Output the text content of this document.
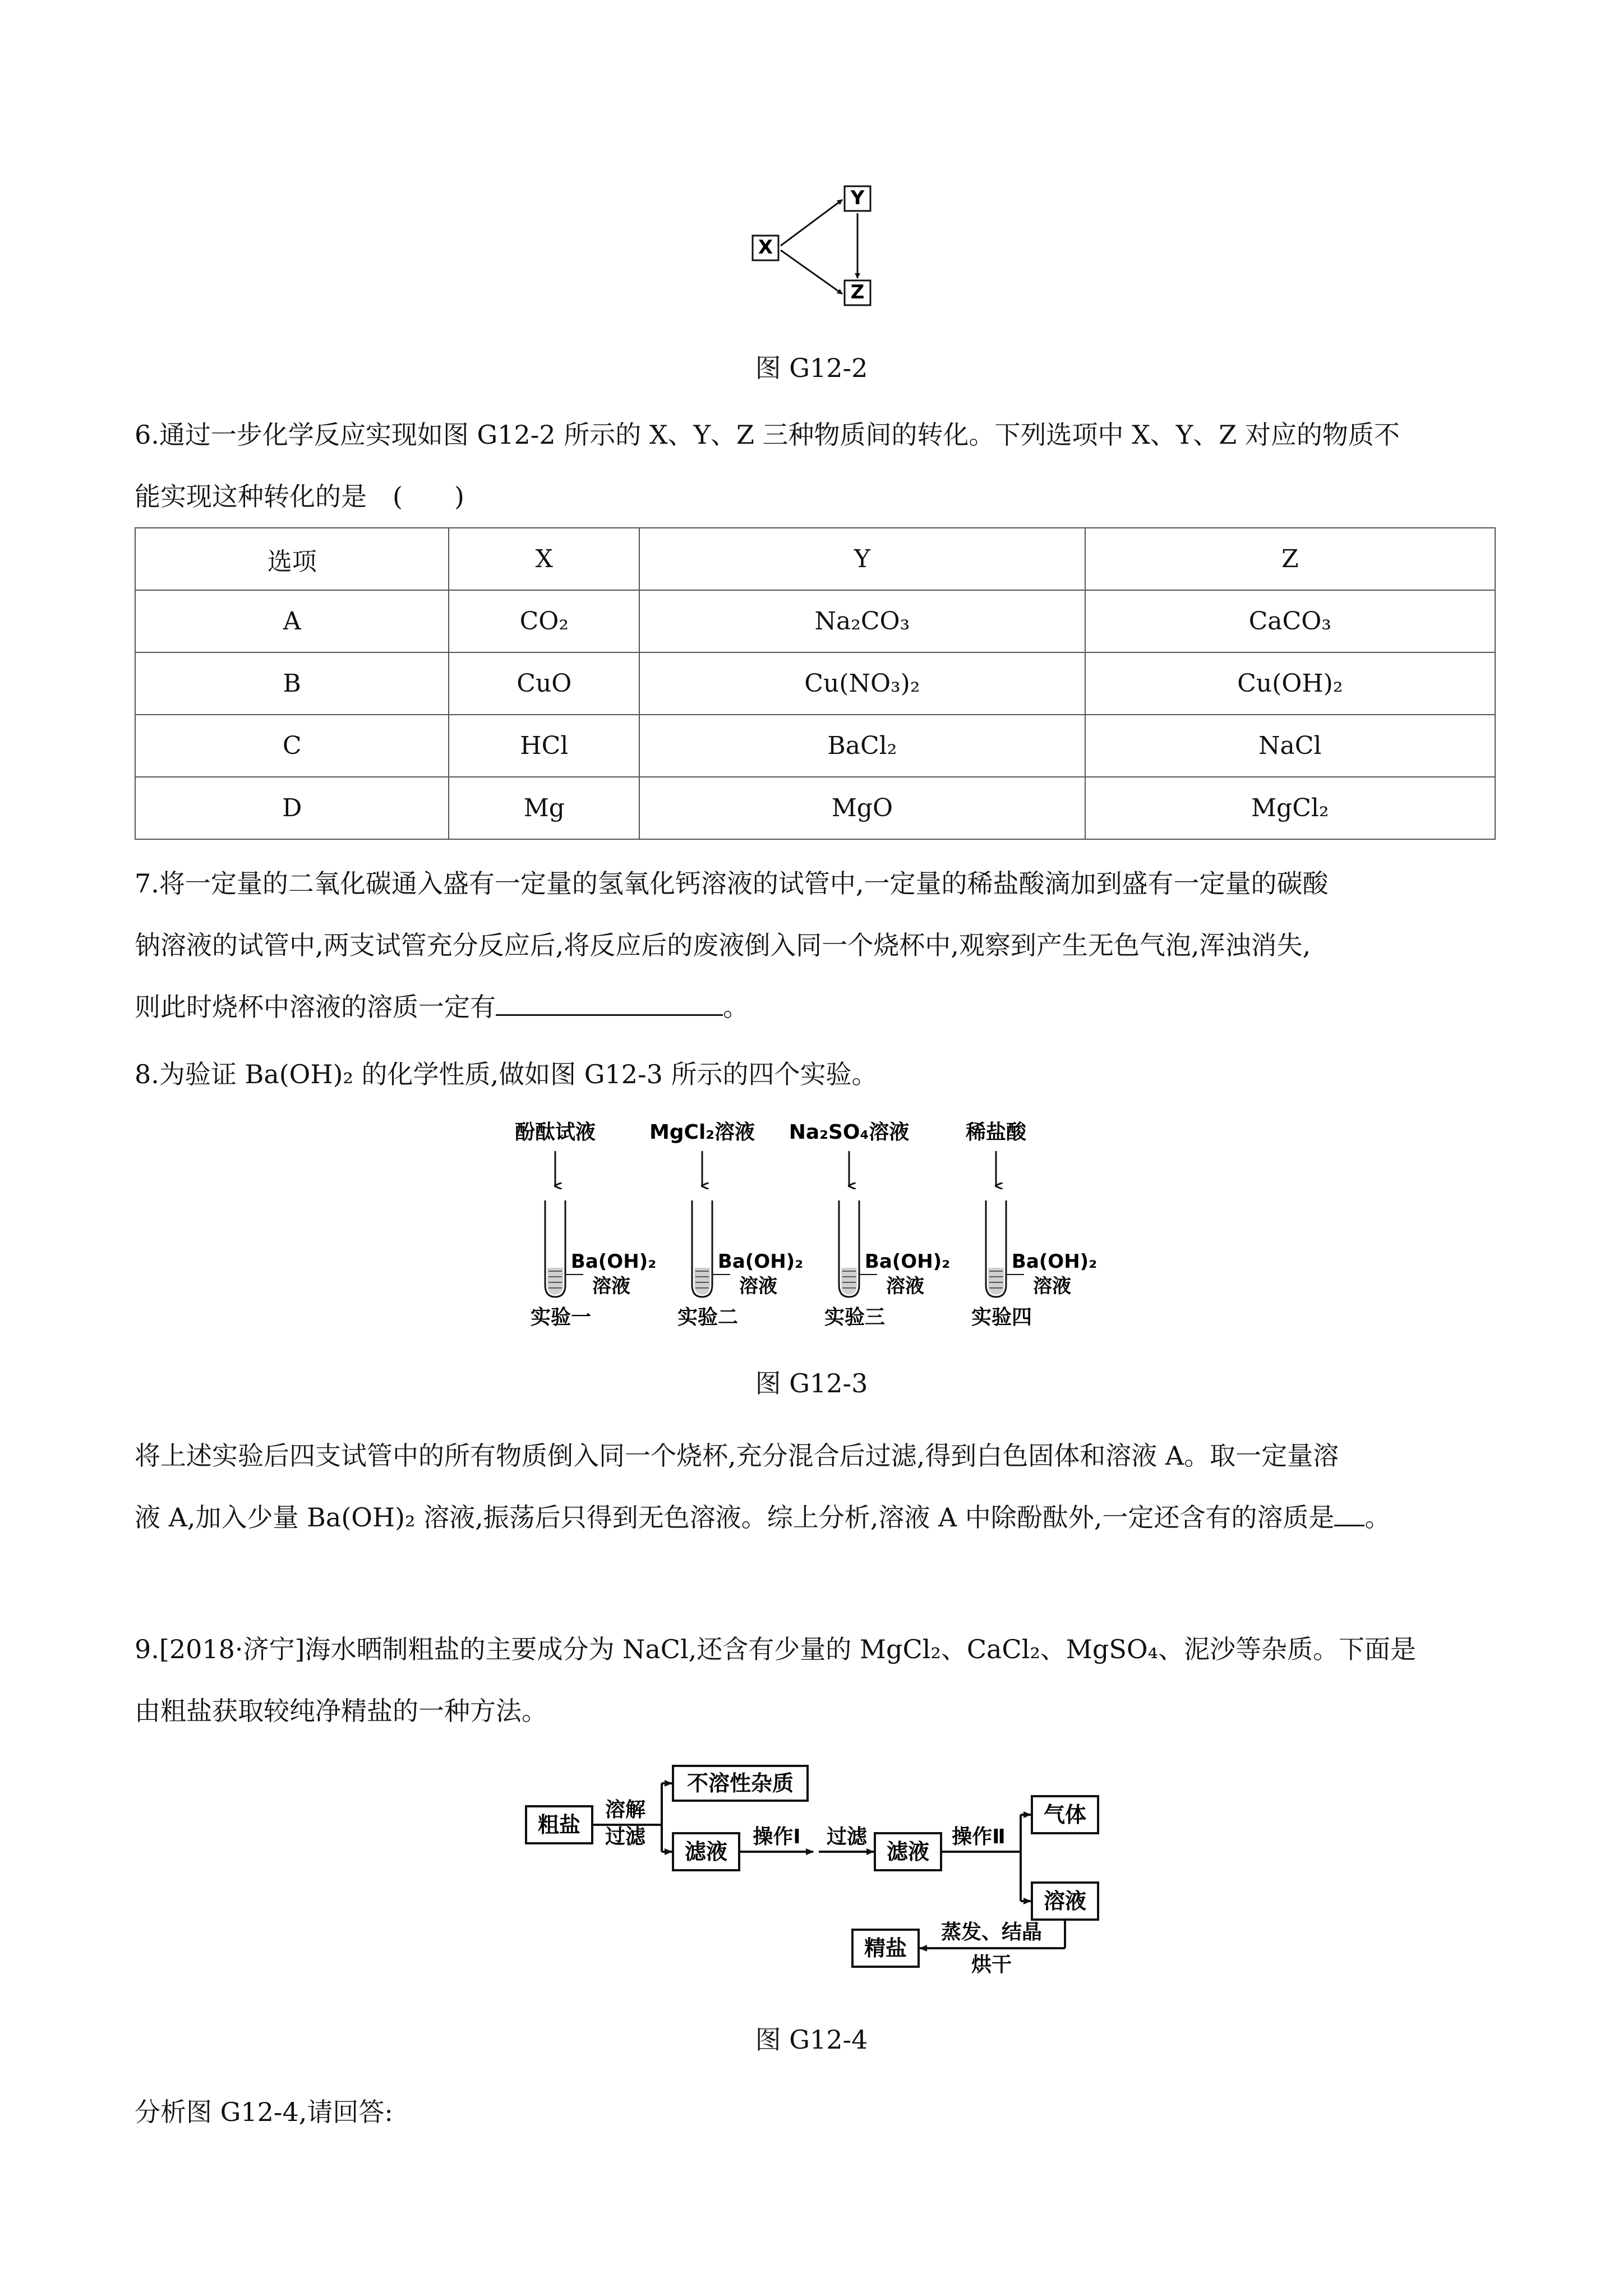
X
Y
Z
图 G12-2
6.通过一步化学反应实现如图 G12-2 所示的 X、Y、Z 三种物质间的转化。下列选项中 X、Y、Z 对应的物质不
能实现这种转化的是　(　　)
选项	X	Y	Z
A	CO₂	Na₂CO₃	CaCO₃
B	CuO	Cu(NO₃)₂	Cu(OH)₂
C	HCl	BaCl₂	NaCl
D	Mg	MgO	MgCl₂
7.将一定量的二氧化碳通入盛有一定量的氢氧化钙溶液的试管中,一定量的稀盐酸滴加到盛有一定量的碳酸
钠溶液的试管中,两支试管充分反应后,将反应后的废液倒入同一个烧杯中,观察到产生无色气泡,浑浊消失,
则此时烧杯中溶液的溶质一定有	。
8.为验证 Ba(OH)₂ 的化学性质,做如图 G12-3 所示的四个实验。
酚酞试液
Ba(OH)₂
溶液
实验一
MgCl₂溶液
Ba(OH)₂
溶液
实验二
Na₂SO₄溶液
Ba(OH)₂
溶液
实验三
稀盐酸
Ba(OH)₂
溶液
实验四
图 G12-3
将上述实验后四支试管中的所有物质倒入同一个烧杯,充分混合后过滤,得到白色固体和溶液 A。取一定量溶
液 A,加入少量 Ba(OH)₂ 溶液,振荡后只得到无色溶液。综上分析,溶液 A 中除酚酞外,一定还含有的溶质是 。
9.[2018·济宁]海水晒制粗盐的主要成分为 NaCl,还含有少量的 MgCl₂、CaCl₂、MgSO₄、泥沙等杂质。下面是
由粗盐获取较纯净精盐的一种方法。
粗盐
不溶性杂质
滤液	滤液
气体
溶液
精盐
溶解
过滤	操作Ⅰ 过滤	操作Ⅱ
蒸发、结晶
烘干
图 G12-4
分析图 G12-4,请回答:
